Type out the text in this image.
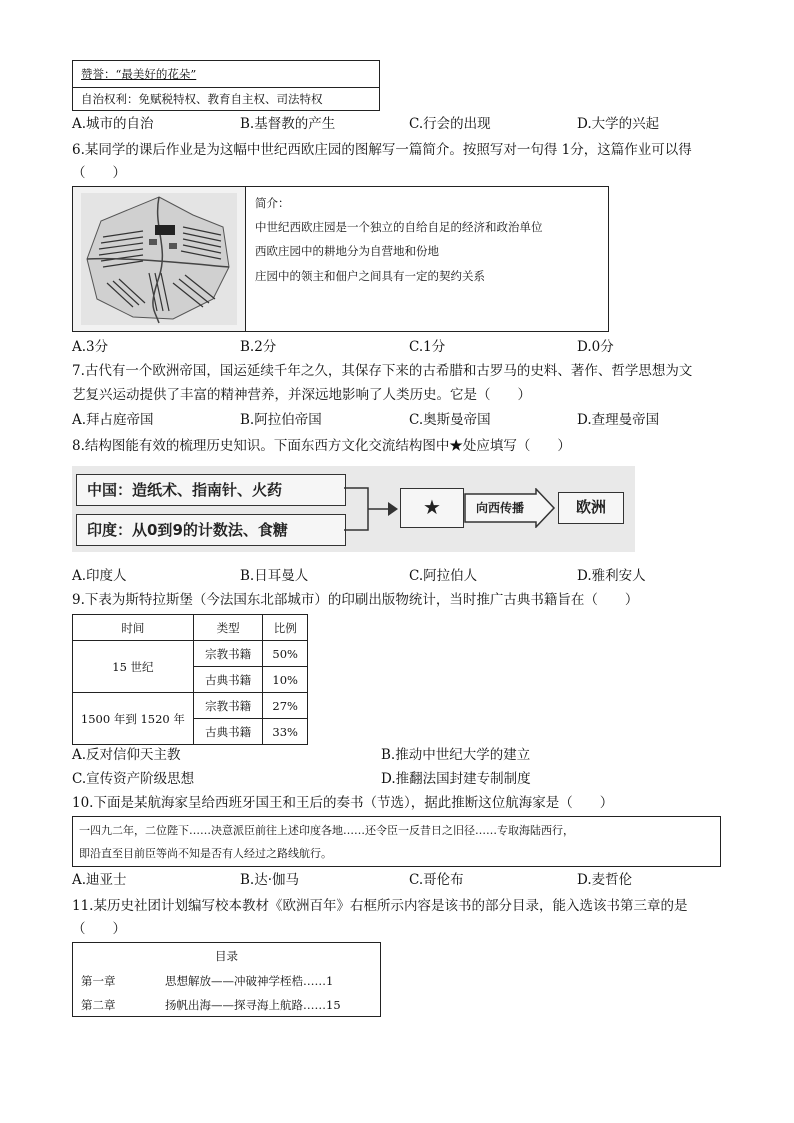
赞誉：“最美好的花朵”
自治权利：免赋税特权、教育自主权、司法特权
A.城市的自治	B.基督教的产生	C.行会的出现	D.大学的兴起
6.某同学的课后作业是为这幅中世纪西欧庄园的图解写一篇简介。按照写对一句得 1分，这篇作业可以得
（　　）
简介：
中世纪西欧庄园是一个独立的自给自足的经济和政治单位
西欧庄园中的耕地分为自营地和份地
庄园中的领主和佃户之间具有一定的契约关系
A.3分	B.2分	C.1分	D.0分
7.古代有一个欧洲帝国，国运延续千年之久，其保存下来的古希腊和古罗马的史料、著作、哲学思想为文
艺复兴运动提供了丰富的精神营养，并深远地影响了人类历史。它是（　　）
A.拜占庭帝国	B.阿拉伯帝国	C.奥斯曼帝国	D.查理曼帝国
8.结构图能有效的梳理历史知识。下面东西方文化交流结构图中★处应填写（　　）
中国：造纸术、指南针、火药
印度：从0到9的计数法、食糖
★	向西传播	欧洲
A.印度人	B.日耳曼人	C.阿拉伯人	D.雅利安人
9.下表为斯特拉斯堡（今法国东北部城市）的印刷出版物统计，当时推广古典书籍旨在（　　）
时间	类型	比例
15 世纪	宗教书籍	50%
	古典书籍	10%
1500 年到 1520 年	宗教书籍	27%
	古典书籍	33%
A.反对信仰天主教	B.推动中世纪大学的建立
C.宣传资产阶级思想	D.推翻法国封建专制制度
10.下面是某航海家呈给西班牙国王和王后的奏书（节选），据此推断这位航海家是（　　）
一四九二年，二位陛下……决意派臣前往上述印度各地……还令臣一反昔日之旧径……专取海陆西行，
即沿直至目前臣等尚不知是否有人经过之路线航行。
A.迪亚士	B.达·伽马	C.哥伦布	D.麦哲伦
11.某历史社团计划编写校本教材《欧洲百年》右框所示内容是该书的部分目录，能入选该书第三章的是
（　　）
目录
第一章	思想解放——冲破神学桎梏……1
第二章	扬帆出海——探寻海上航路……15
